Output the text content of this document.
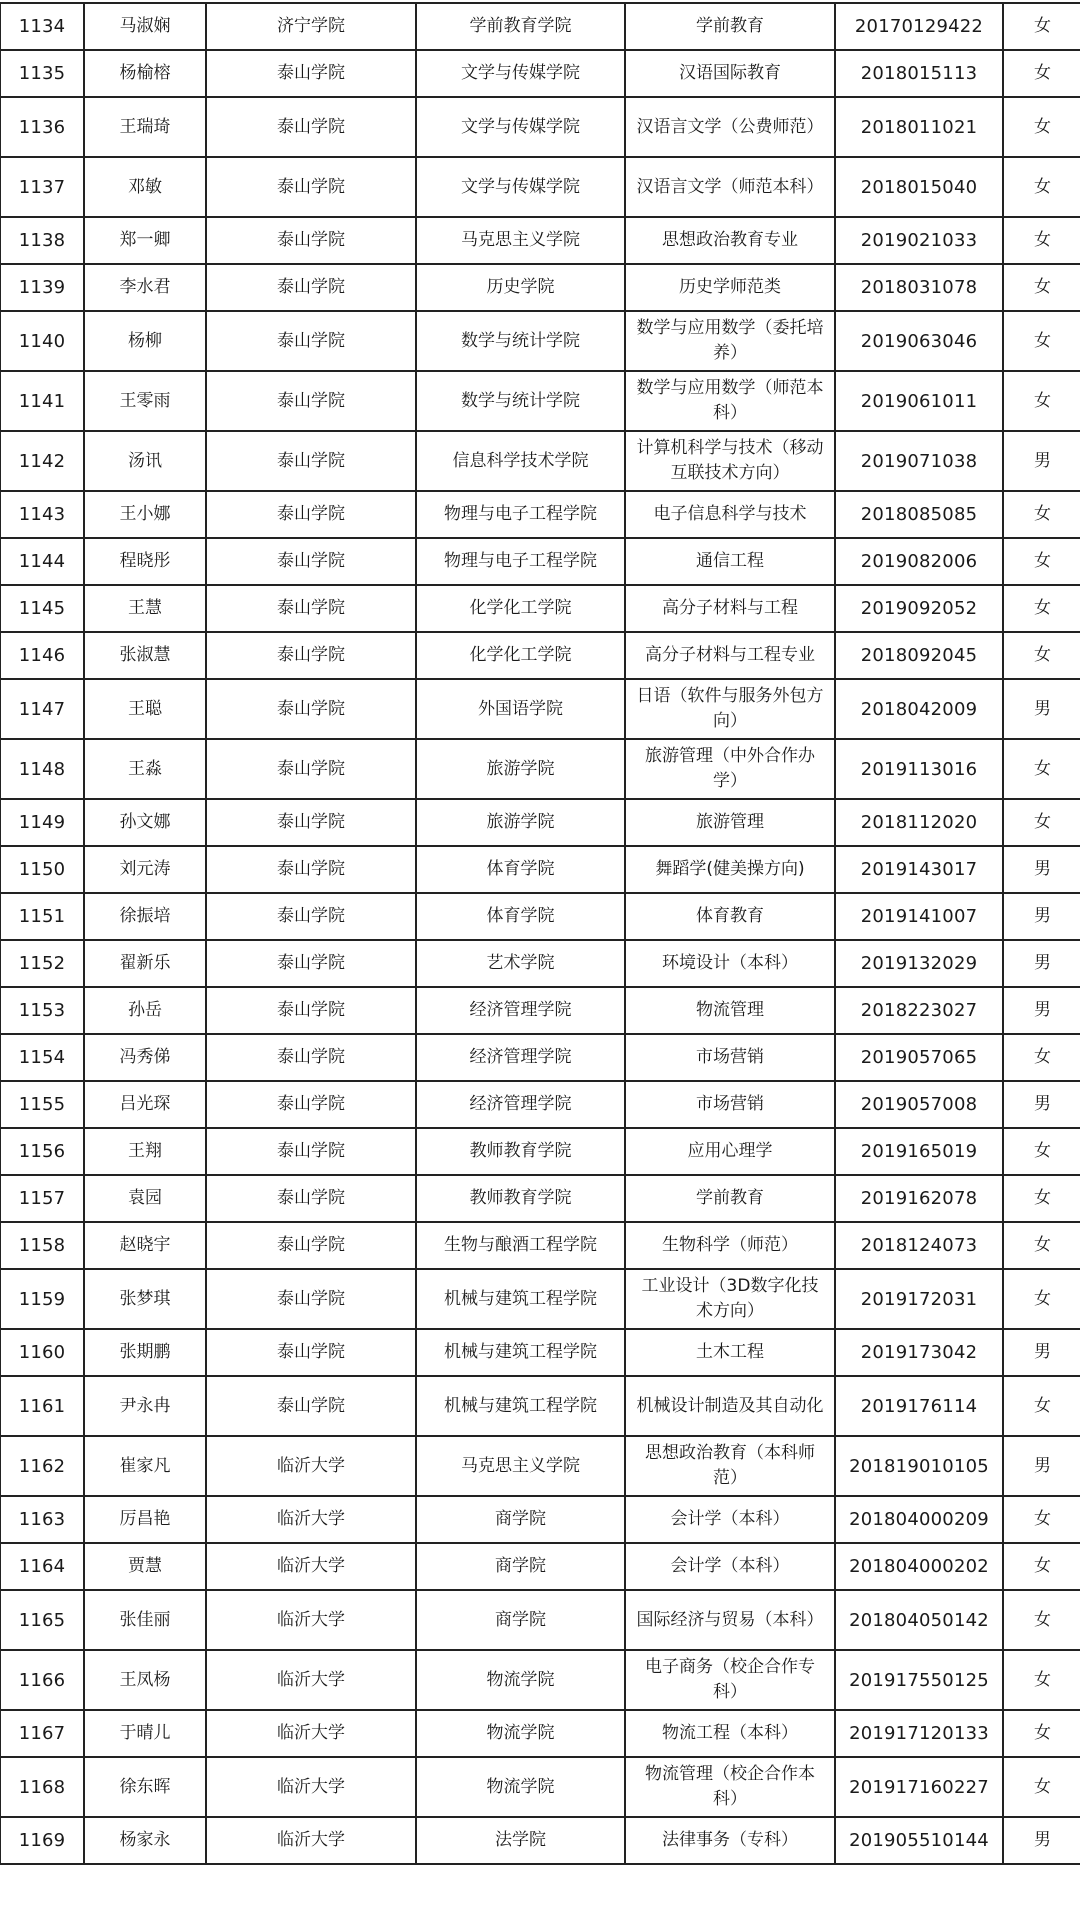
1134	马淑娴	济宁学院	学前教育学院	学前教育	20170129422	女
1135	杨榆榕	泰山学院	文学与传媒学院	汉语国际教育	2018015113	女
1136	王瑞琦	泰山学院	文学与传媒学院	汉语言文学（公费师范）	2018011021	女
1137	邓敏	泰山学院	文学与传媒学院	汉语言文学（师范本科）	2018015040	女
1138	郑一卿	泰山学院	马克思主义学院	思想政治教育专业	2019021033	女
1139	李水君	泰山学院	历史学院	历史学师范类	2018031078	女
1140	杨柳	泰山学院	数学与统计学院	数学与应用数学（委托培养）	2019063046	女
1141	王零雨	泰山学院	数学与统计学院	数学与应用数学（师范本科）	2019061011	女
1142	汤讯	泰山学院	信息科学技术学院	计算机科学与技术（移动互联技术方向）	2019071038	男
1143	王小娜	泰山学院	物理与电子工程学院	电子信息科学与技术	2018085085	女
1144	程晓彤	泰山学院	物理与电子工程学院	通信工程	2019082006	女
1145	王慧	泰山学院	化学化工学院	高分子材料与工程	2019092052	女
1146	张淑慧	泰山学院	化学化工学院	高分子材料与工程专业	2018092045	女
1147	王聪	泰山学院	外国语学院	日语（软件与服务外包方向）	2018042009	男
1148	王淼	泰山学院	旅游学院	旅游管理（中外合作办学）	2019113016	女
1149	孙文娜	泰山学院	旅游学院	旅游管理	2018112020	女
1150	刘元涛	泰山学院	体育学院	舞蹈学(健美操方向)	2019143017	男
1151	徐振培	泰山学院	体育学院	体育教育	2019141007	男
1152	翟新乐	泰山学院	艺术学院	环境设计（本科）	2019132029	男
1153	孙岳	泰山学院	经济管理学院	物流管理	2018223027	男
1154	冯秀俤	泰山学院	经济管理学院	市场营销	2019057065	女
1155	吕光琛	泰山学院	经济管理学院	市场营销	2019057008	男
1156	王翔	泰山学院	教师教育学院	应用心理学	2019165019	女
1157	袁园	泰山学院	教师教育学院	学前教育	2019162078	女
1158	赵晓宇	泰山学院	生物与酿酒工程学院	生物科学（师范）	2018124073	女
1159	张梦琪	泰山学院	机械与建筑工程学院	工业设计（3D数字化技术方向）	2019172031	女
1160	张期鹏	泰山学院	机械与建筑工程学院	土木工程	2019173042	男
1161	尹永冉	泰山学院	机械与建筑工程学院	机械设计制造及其自动化	2019176114	女
1162	崔家凡	临沂大学	马克思主义学院	思想政治教育（本科师范）	201819010105	男
1163	厉昌艳	临沂大学	商学院	会计学（本科）	201804000209	女
1164	贾慧	临沂大学	商学院	会计学（本科）	201804000202	女
1165	张佳丽	临沂大学	商学院	国际经济与贸易（本科）	201804050142	女
1166	王凤杨	临沂大学	物流学院	电子商务（校企合作专科）	201917550125	女
1167	于晴儿	临沂大学	物流学院	物流工程（本科）	201917120133	女
1168	徐东晖	临沂大学	物流学院	物流管理（校企合作本科）	201917160227	女
1169	杨家永	临沂大学	法学院	法律事务（专科）	201905510144	男
